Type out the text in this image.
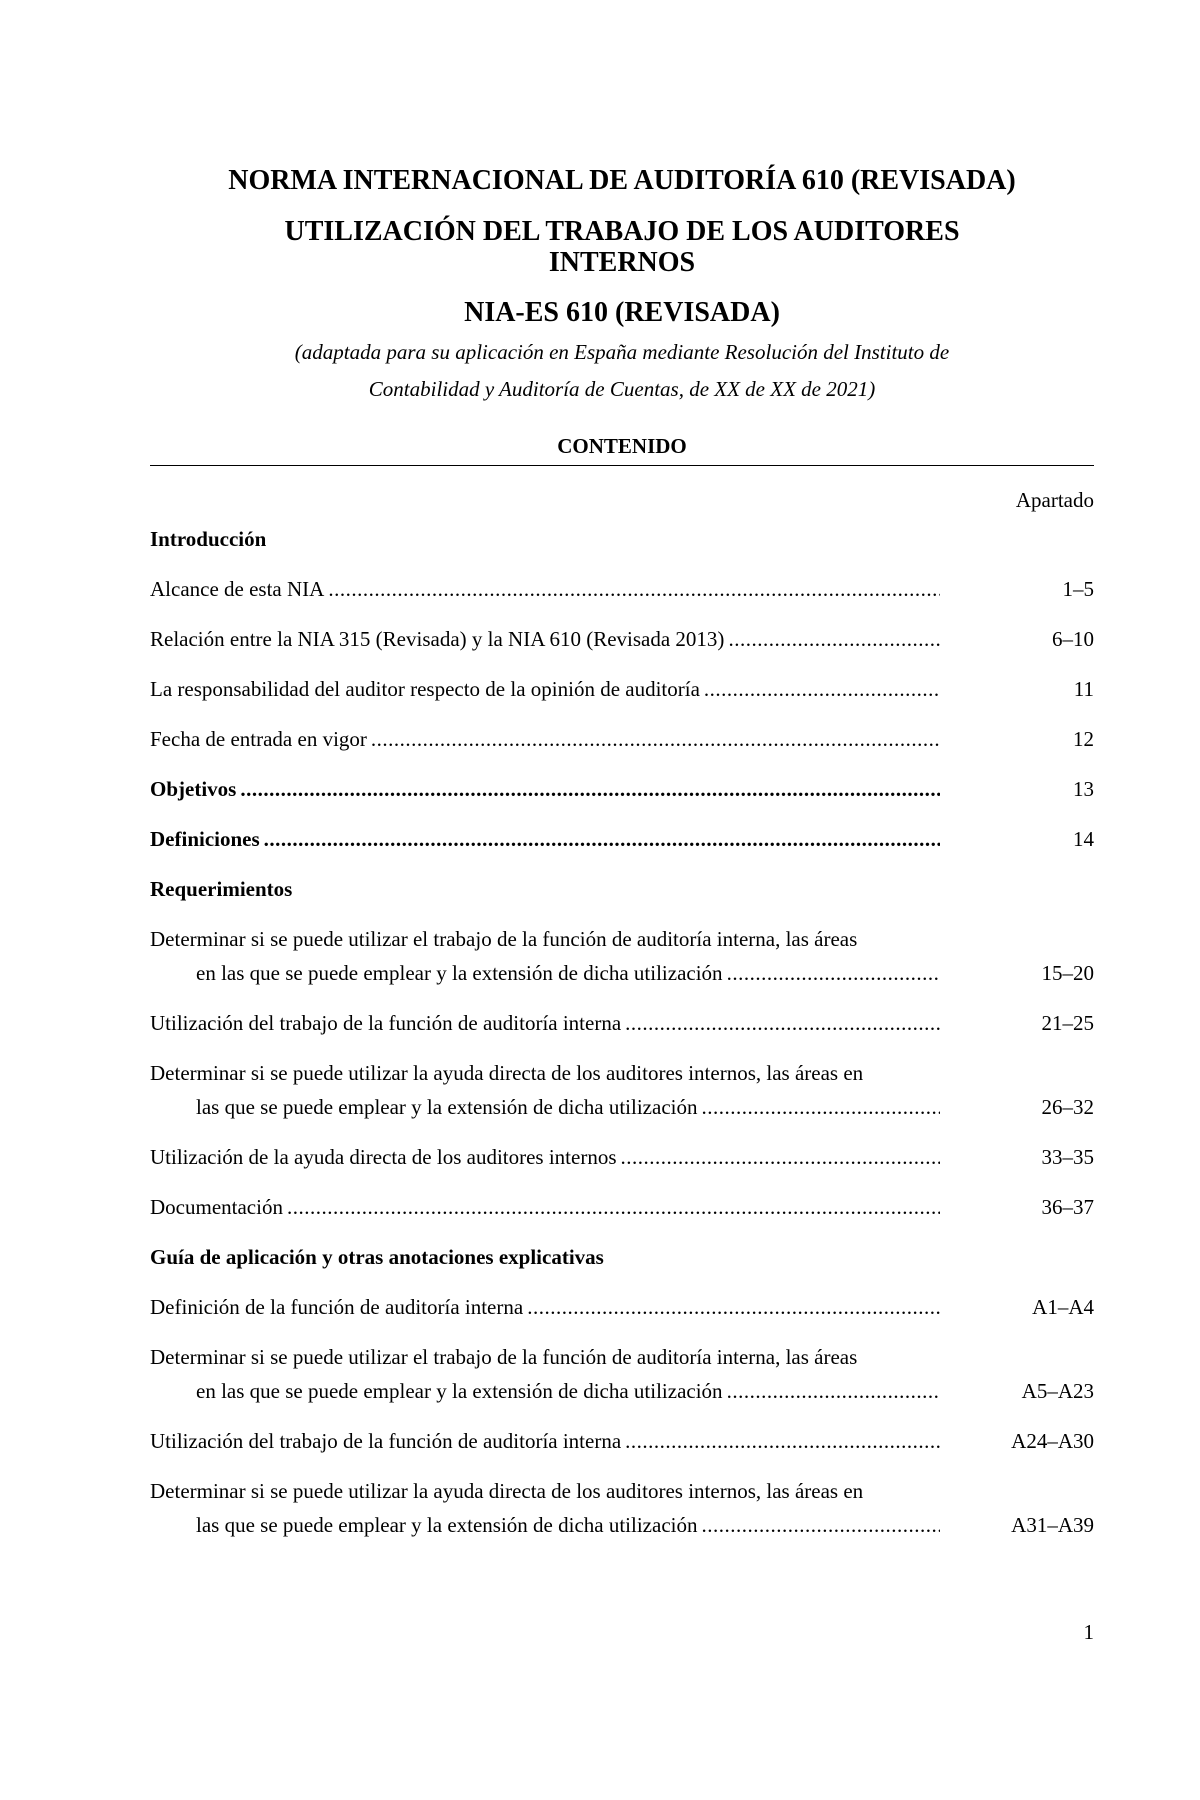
NORMA INTERNACIONAL DE AUDITORÍA 610 (REVISADA)
UTILIZACIÓN DEL TRABAJO DE LOS AUDITORES
INTERNOS
NIA-ES 610 (REVISADA)
(adaptada para su aplicación en España mediante Resolución del Instituto de
Contabilidad y Auditoría de Cuentas, de XX de XX de 2021)
CONTENIDO
Apartado
Introducción
Alcance de esta NIA .....	1–5
Relación entre la NIA 315 (Revisada) y la NIA 610 (Revisada 2013) .....	6–10
La responsabilidad del auditor respecto de la opinión de auditoría .....	11
Fecha de entrada en vigor .....	12
Objetivos .....	13
Definiciones .....	14
Requerimientos
Determinar si se puede utilizar el trabajo de la función de auditoría interna, las áreas
en las que se puede emplear y la extensión de dicha utilización .....	15–20
Utilización del trabajo de la función de auditoría interna .....	21–25
Determinar si se puede utilizar la ayuda directa de los auditores internos, las áreas en
las que se puede emplear y la extensión de dicha utilización .....	26–32
Utilización de la ayuda directa de los auditores internos .....	33–35
Documentación .....	36–37
Guía de aplicación y otras anotaciones explicativas
Definición de la función de auditoría interna .....	A1–A4
Determinar si se puede utilizar el trabajo de la función de auditoría interna, las áreas
en las que se puede emplear y la extensión de dicha utilización .....	A5–A23
Utilización del trabajo de la función de auditoría interna .....	A24–A30
Determinar si se puede utilizar la ayuda directa de los auditores internos, las áreas en
las que se puede emplear y la extensión de dicha utilización .....	A31–A39
1
